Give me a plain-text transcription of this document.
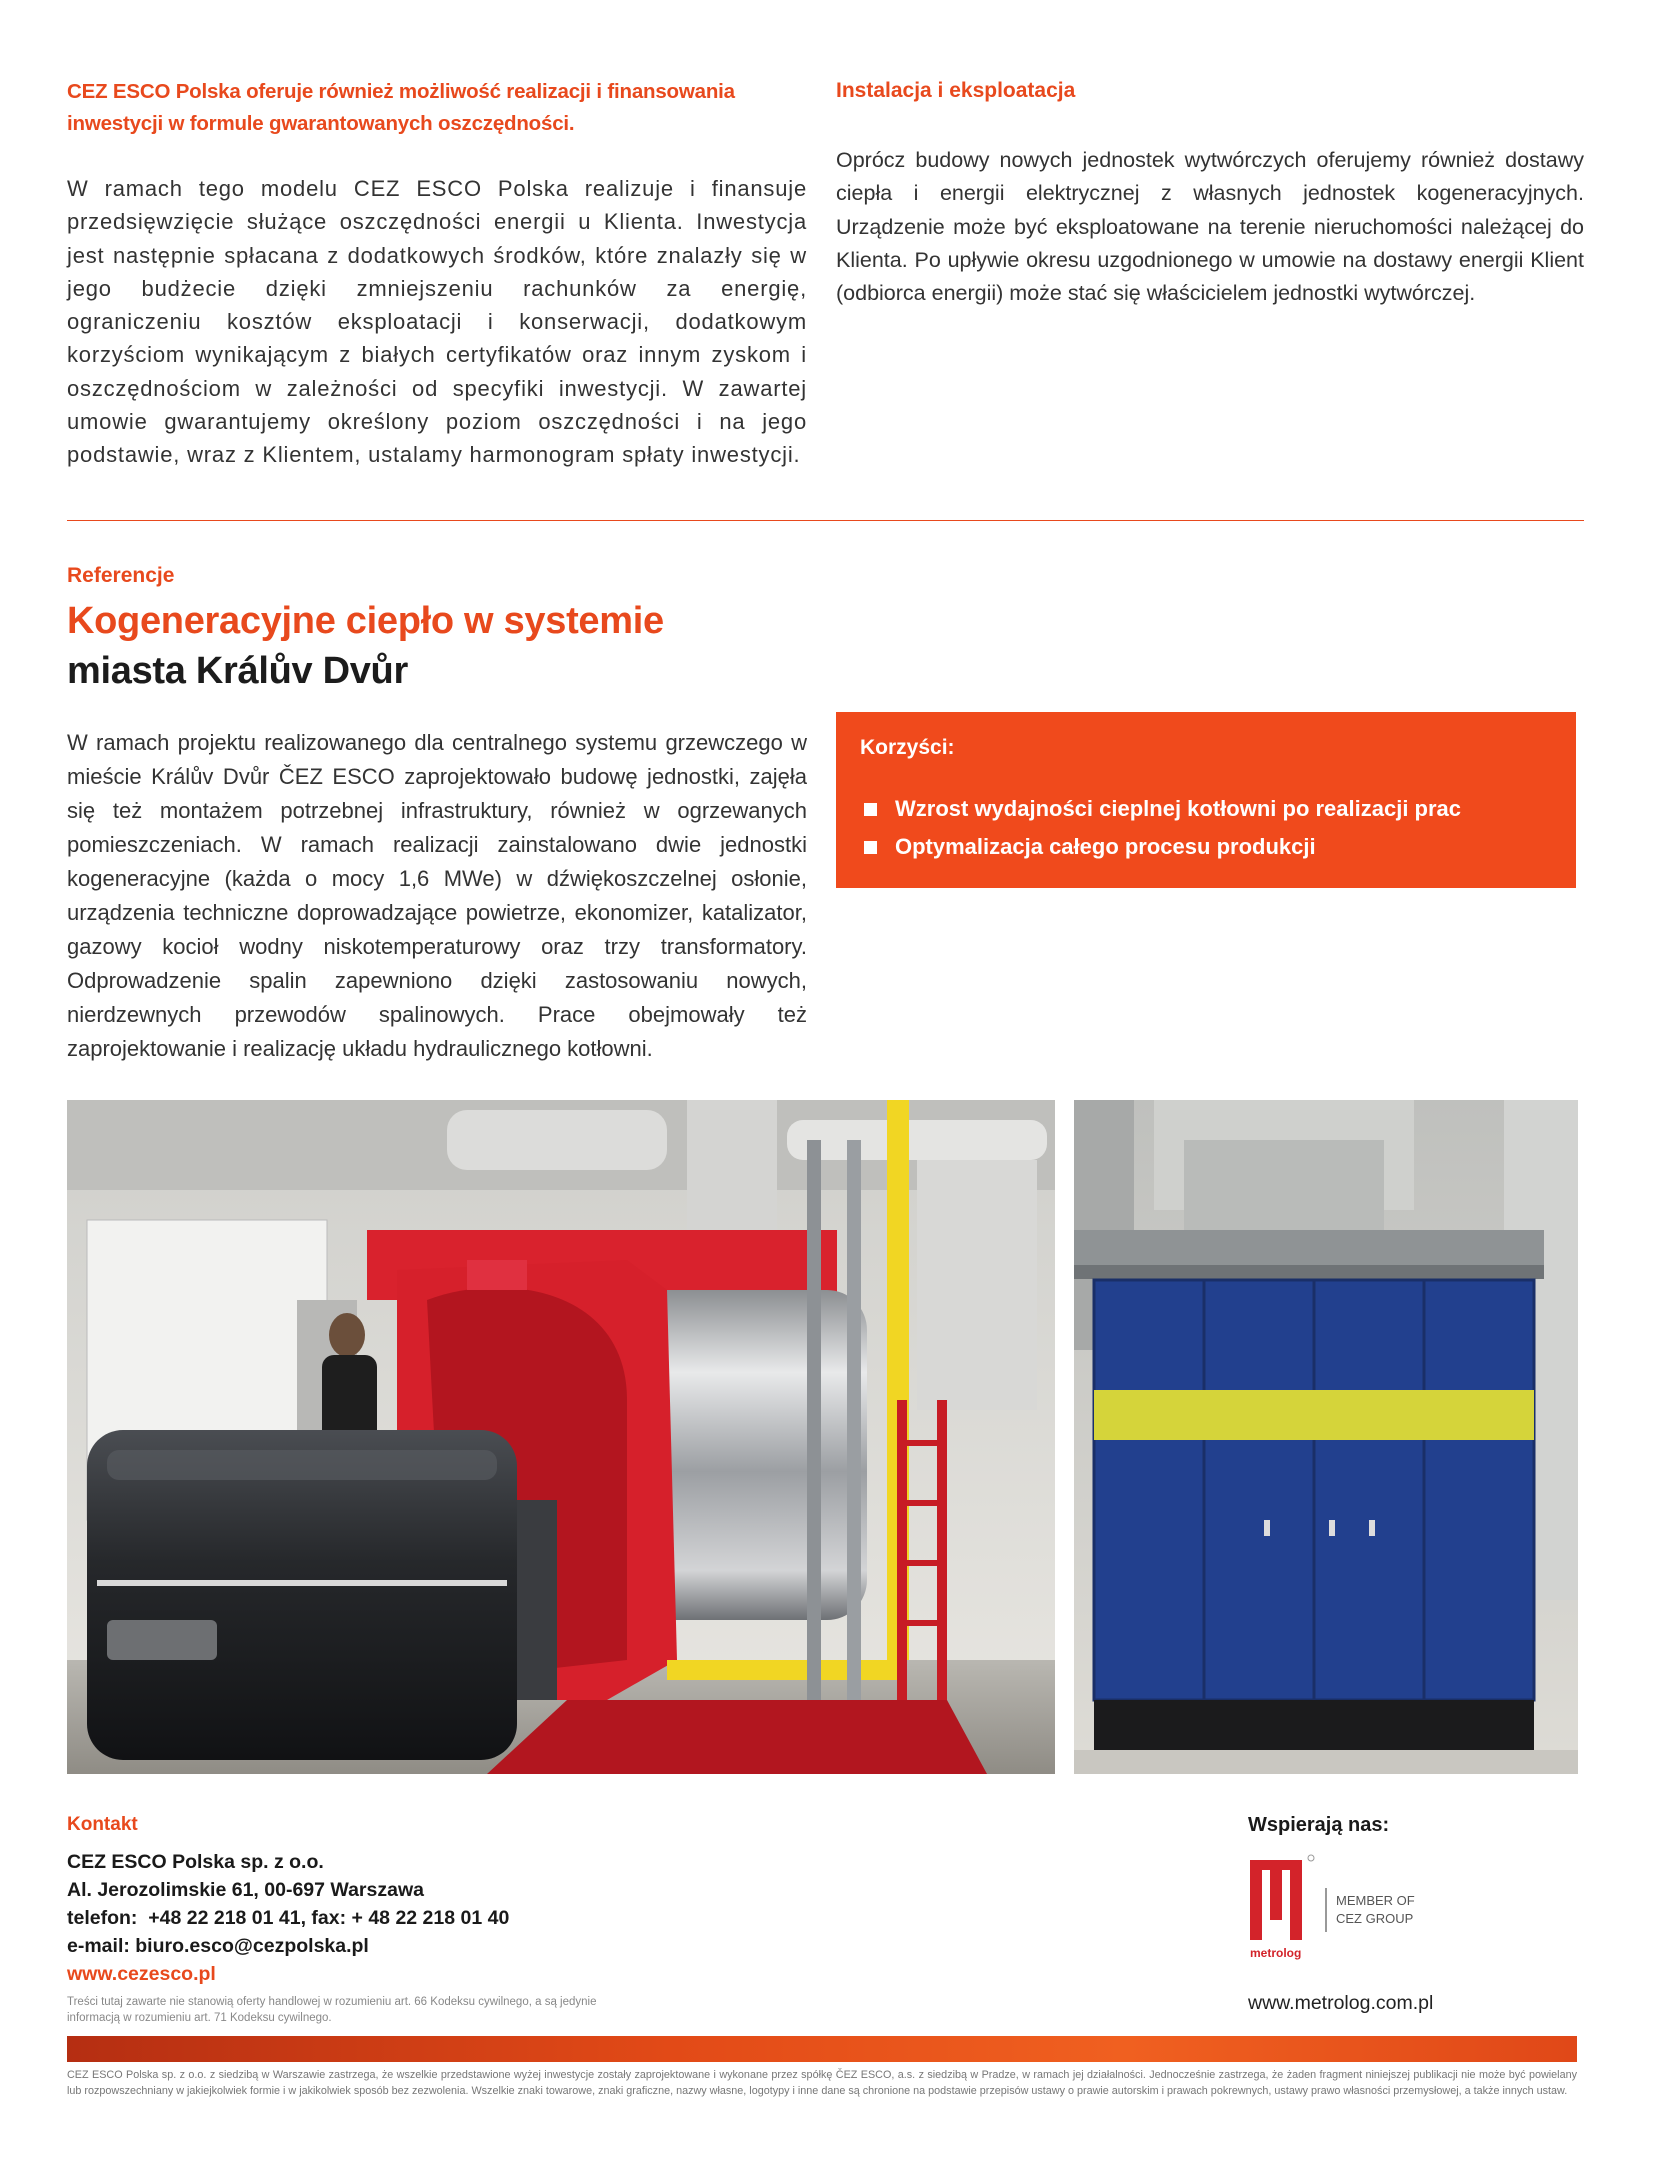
CEZ ESCO Polska oferuje również możliwość realizacji i finansowania inwestycji w formule gwarantowanych oszczędności.

W ramach tego modelu CEZ ESCO Polska realizuje i finansuje przedsięwzięcie służące oszczędności energii u Klienta. Inwestycja jest następnie spłacana z dodatkowych środków, które znalazły się w jego budżecie dzięki zmniejszeniu rachunków za energię, ograniczeniu kosztów eksploatacji i konserwacji, dodatkowym korzyściom wynikającym z białych certyfikatów oraz innym zyskom i oszczędnościom w zależności od specyfiki inwestycji. W zawartej umowie gwarantujemy określony poziom oszczędności i na jego podstawie, wraz z Klientem, ustalamy harmonogram spłaty inwestycji.

Instalacja i eksploatacja

Oprócz budowy nowych jednostek wytwórczych oferujemy również dostawy ciepła i energii elektrycznej z własnych jednostek kogeneracyjnych. Urządzenie może być eksploatowane na terenie nieruchomości należącej do Klienta. Po upływie okresu uzgodnionego w umowie na dostawy energii Klient (odbiorca energii) może stać się właścicielem jednostki wytwórczej.

Referencje
Kogeneracyjne ciepło w systemie
miasta Králův Dvůr

W ramach projektu realizowanego dla centralnego systemu grzewczego w mieście Králův Dvůr ČEZ ESCO zaprojektowało budowę jednostki, zajęła się też montażem potrzebnej infrastruktury, również w ogrzewanych pomieszczeniach. W ramach realizacji zainstalowano dwie jednostki kogeneracyjne (każda o mocy 1,6 MWe) w dźwiękoszczelnej osłonie, urządzenia techniczne doprowadzające powietrze, ekonomizer, katalizator, gazowy kocioł wodny niskotemperaturowy oraz trzy transformatory. Odprowadzenie spalin zapewniono dzięki zastosowaniu nowych, nierdzewnych przewodów spalinowych. Prace obejmowały też zaprojektowanie i realizację układu hydraulicznego kotłowni.

Korzyści:
Wzrost wydajności cieplnej kotłowni po realizacji prac
Optymalizacja całego procesu produkcji
Kontakt
CEZ ESCO Polska sp. z o.o.
Al. Jerozolimskie 61, 00-697 Warszawa
telefon:  +48 22 218 01 41, fax: + 48 22 218 01 40
e-mail: biuro.esco@cezpolska.pl
www.cezesco.pl

Treści tutaj zawarte nie stanowią oferty handlowej w rozumieniu art. 66 Kodeksu cywilnego, a są jedynie informacją w rozumieniu art. 71 Kodeksu cywilnego.

Wspierają nas:
metrolog
MEMBER OF
CEZ GROUP
www.metrolog.com.pl

CEZ ESCO Polska sp. z o.o. z siedzibą w Warszawie zastrzega, że wszelkie przedstawione wyżej inwestycje zostały zaprojektowane i wykonane przez spółkę ČEZ ESCO, a.s. z siedzibą w Pradze, w ramach jej działalności. Jednocześnie zastrzega, że żaden fragment niniejszej publikacji nie może być powielany lub rozpowszechniany w jakiejkolwiek formie i w jakikolwiek sposób bez zezwolenia. Wszelkie znaki towarowe, znaki graficzne, nazwy własne, logotypy i inne dane są chronione na podstawie przepisów ustawy o prawie autorskim i prawach pokrewnych, ustawy prawo własności przemysłowej, a także innych ustaw.
